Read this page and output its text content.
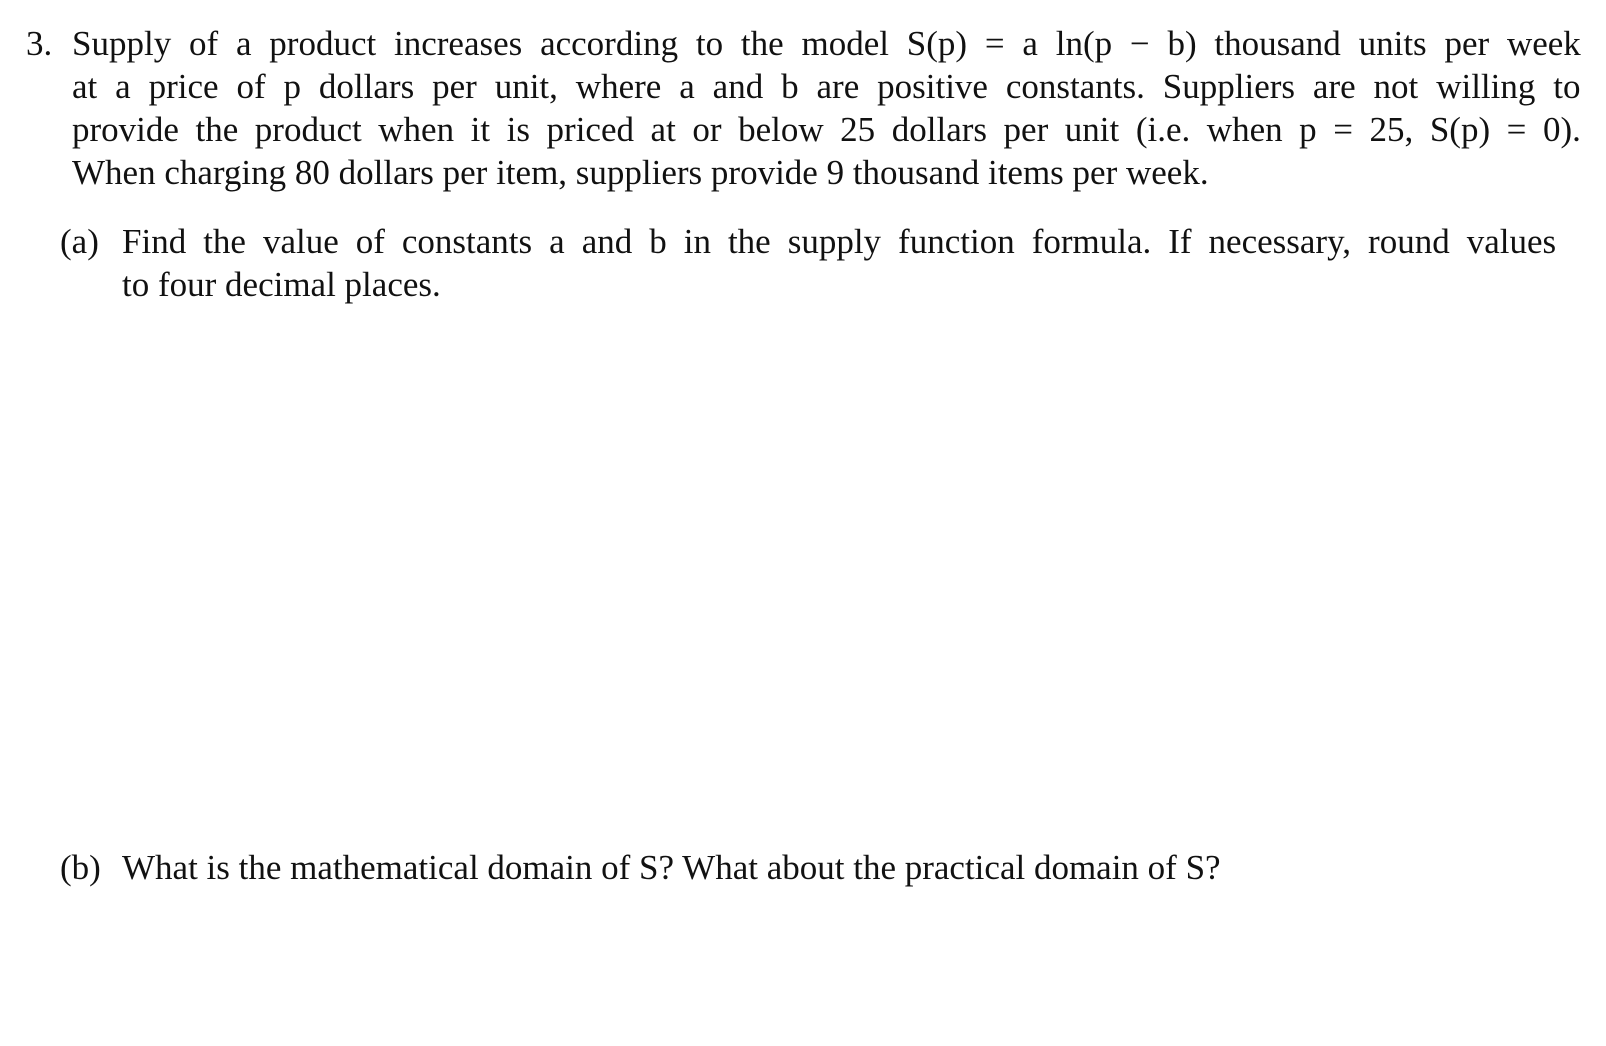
3. Supply of a product increases according to the model S(p) = a ln(p − b) thousand units per week
at a price of p dollars per unit, where a and b are positive constants. Suppliers are not willing to
provide the product when it is priced at or below 25 dollars per unit (i.e. when p = 25, S(p) = 0).
When charging 80 dollars per item, suppliers provide 9 thousand items per week.
(a) Find the value of constants a and b in the supply function formula. If necessary, round values
to four decimal places.
(b) What is the mathematical domain of S? What about the practical domain of S?
